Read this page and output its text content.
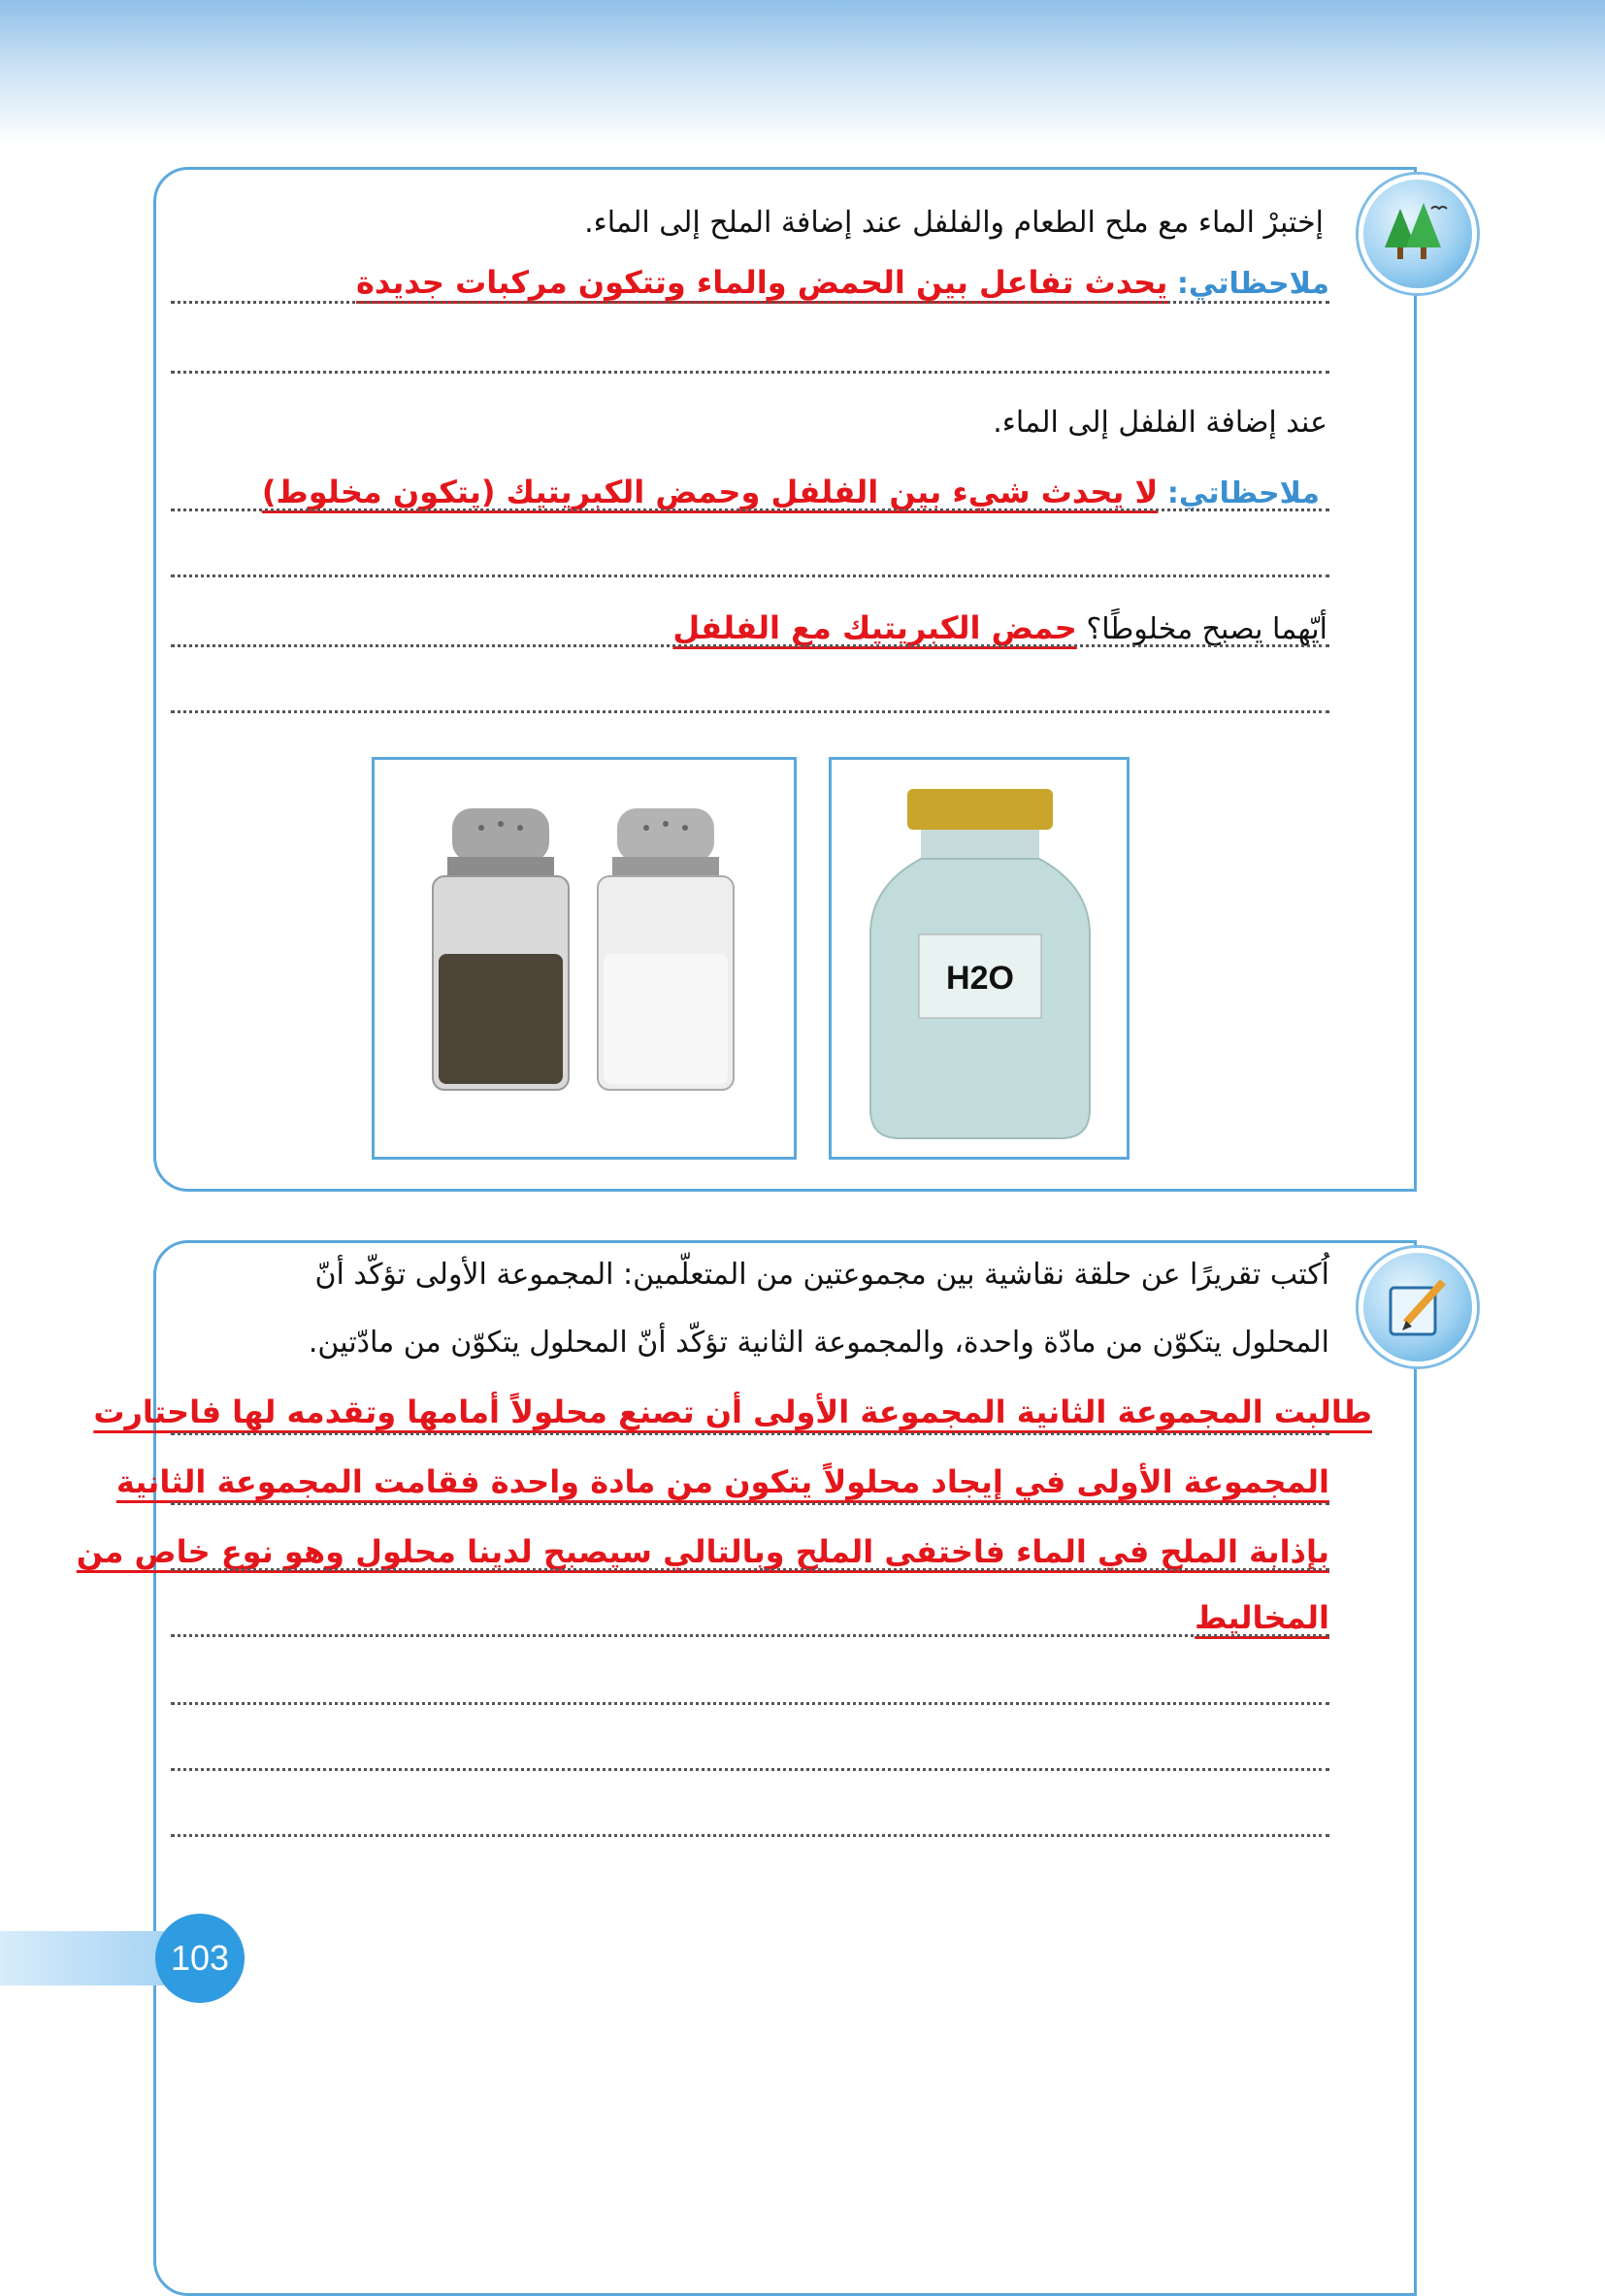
إختبرْ الماء مع ملح الطعام والفلفل عند إضافة الملح إلى الماء.
ملاحظاتي: يحدث تفاعل بين الحمض والماء وتتكون مركبات جديدة
عند إضافة الفلفل إلى الماء.
ملاحظاتي: لا يحدث شيء بين الفلفل وحمض الكبريتيك (يتكون مخلوط)
أيّهما يصبح مخلوطًا؟ حمض الكبريتيك مع الفلفل
H2O
اُكتب تقريرًا عن حلقة نقاشية بين مجموعتين من المتعلّمين: المجموعة الأولى تؤكّد أنّ
المحلول يتكوّن من مادّة واحدة، والمجموعة الثانية تؤكّد أنّ المحلول يتكوّن من مادّتين.
طالبت المجموعة الثانية المجموعة الأولى أن تصنع محلولاً أمامها وتقدمه لها فاحتارت
المجموعة الأولى في إيجاد محلولاً يتكون من مادة واحدة فقامت المجموعة الثانية
بإذابة الملح في الماء فاختفى الملح وبالتالي سيصبح لدينا محلول وهو نوع خاص من
المخاليط
103
